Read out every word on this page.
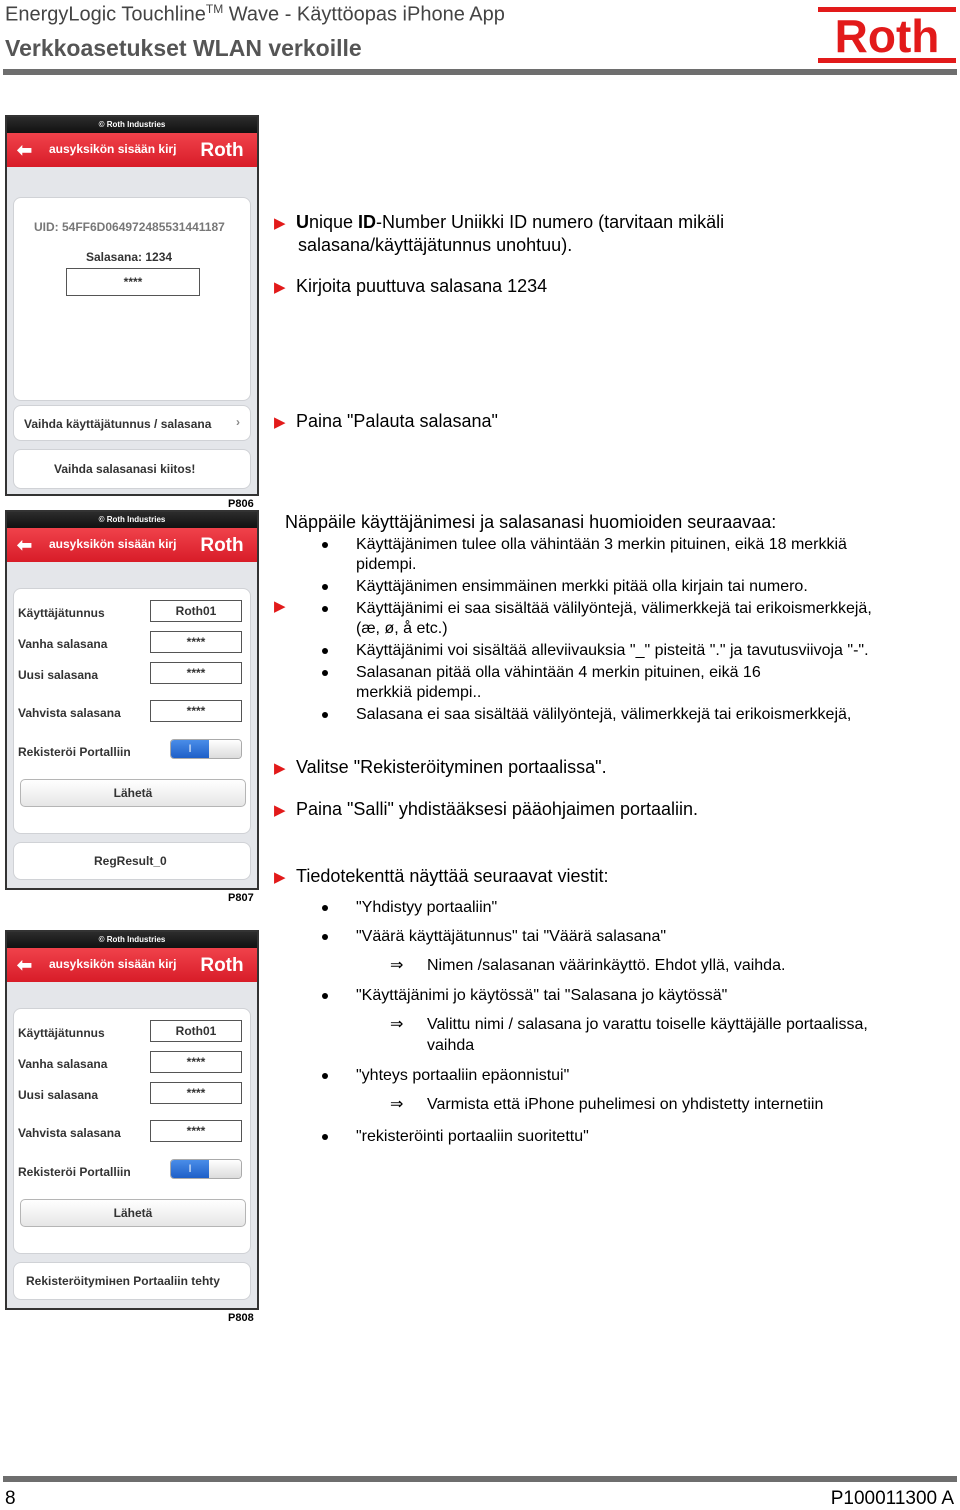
EnergyLogic Touchline™ Wave - Käyttöopas iPhone App
Verkkoasetukset WLAN verkoille	Roth
© Roth Industries
⬅ ausyksikön sisään kirj Roth
UID: 54FF6D064972485531441187
Salasana: 1234
****
Vaihda käyttäjätunnus / salasana ›
Vaihda salasanasi kiitos!
P806
© Roth Industries
⬅ ausyksikön sisään kirj Roth
Käyttäjätunnus	Roth01
Vanha salasana	****
Uusi salasana	****
Vahvista salasana	****
Rekisteröi Portalliin	I
Lähetä
RegResult_0
P807
© Roth Industries
⬅ ausyksikön sisään kirj Roth
Käyttäjätunnus	Roth01
Vanha salasana	****
Uusi salasana	****
Vahvista salasana	****
Rekisteröi Portalliin	I
Lähetä
Rekisteröitymінen Portaaliin tehty
P808
▶ Unique ID-Number Uniikki ID numero (tarvitaan mikäli
salasana/käyttäjätunnus unohtuu).
▶ Kirjoita puuttuva salasana 1234
▶ Paina "Palauta salasana"
Näppäile käyttäjänimesi ja salasanasi huomioiden seuraavaa:
▶
Käyttäjänimen tulee olla vähintään 3 merkin pituinen, eikä 18 merkkiä
pidempi.
Käyttäjänimen ensimmäinen merkki pitää olla kirjain tai numero.
Käyttäjänimi ei saa sisältää välilyöntejä, välimerkkejä tai erikoismerkkejä,
(æ, ø, å etc.)
Käyttäjänimi voi sisältää alleviivauksia "_" pisteitä "." ja tavutusviivoja "-".
Salasanan pitää olla vähintään 4 merkin pituinen, eikä 16
merkkiä pidempi..
Salasana ei saa sisältää välilyöntejä, välimerkkejä tai erikoismerkkejä,
▶ Valitse "Rekisteröityminen portaalissa".
▶ Paina "Salli" yhdistääksesi pääohjaimen portaaliin.
▶ Tiedotekenttä näyttää seuraavat viestit:
"Yhdistyy portaaliin"
"Väärä käyttäjätunnus" tai "Väärä salasana"
⇒ Nimen /salasanan väärinkäyttö. Ehdot yllä, vaihda.
"Käyttäjänimi jo käytössä" tai "Salasana jo käytössä"
⇒ Valittu nimi / salasana jo varattu toiselle käyttäjälle portaalissa,
vaihda
"yhteys portaaliin epäonnistui"
⇒ Varmista että iPhone puhelimesi on yhdistetty internetiin
"rekisteröinti portaaliin suoritettu"
8	P100011300 A
